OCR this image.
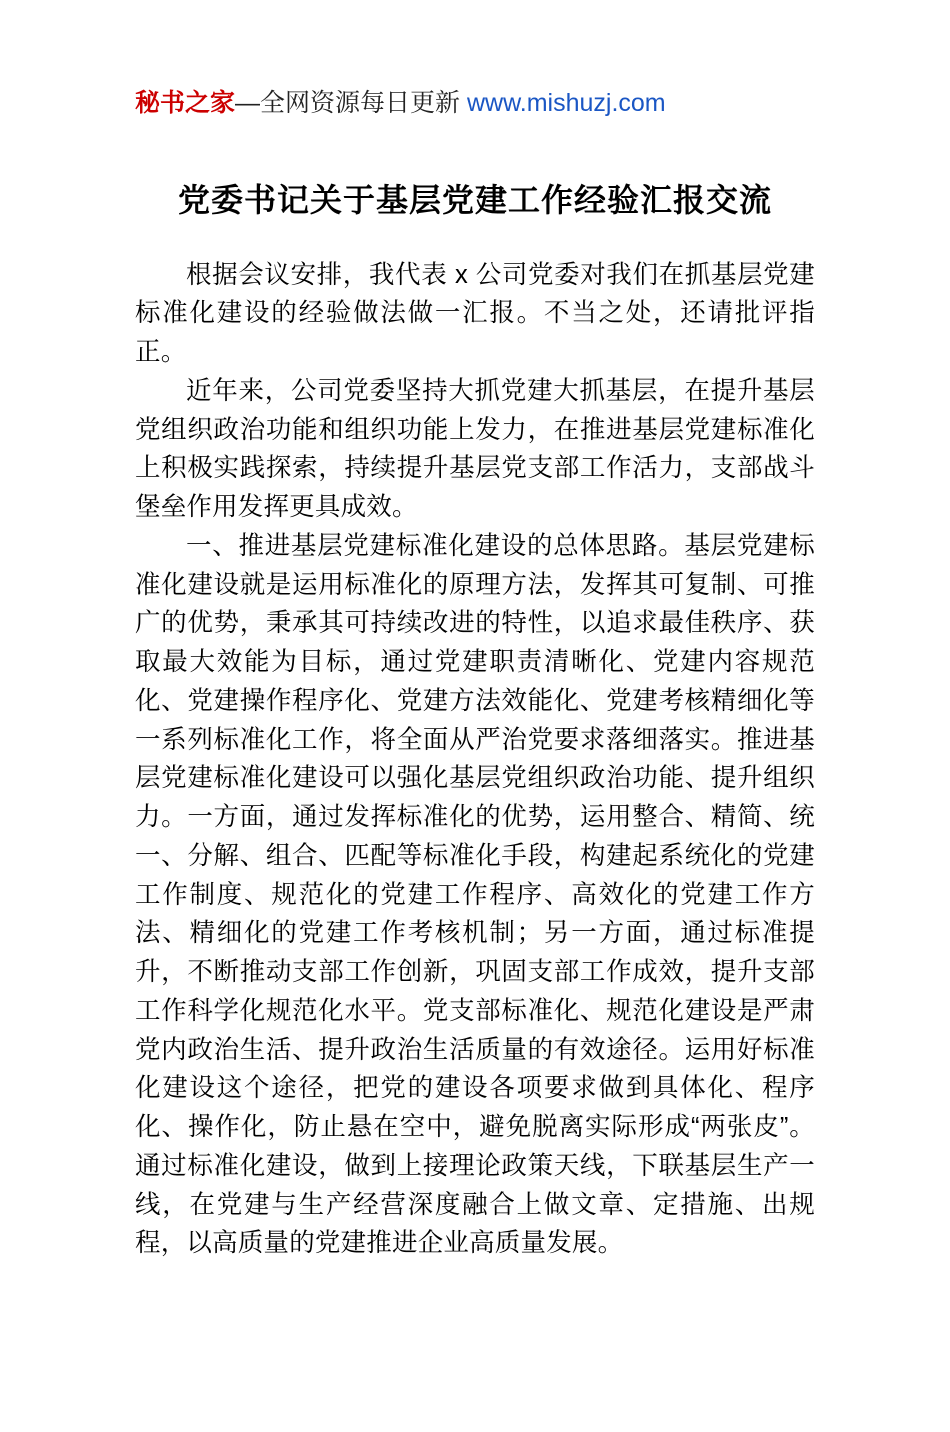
秘书之家—全网资源每日更新 www.mishuzj.com
党委书记关于基层党建工作经验汇报交流

根据会议安排，我代表 x 公司党委对我们在抓基层党建标准化建设的经验做法做一汇报。不当之处，还请批评指正。

近年来，公司党委坚持大抓党建大抓基层，在提升基层党组织政治功能和组织功能上发力，在推进基层党建标准化上积极实践探索，持续提升基层党支部工作活力，支部战斗堡垒作用发挥更具成效。

一、推进基层党建标准化建设的总体思路。基层党建标准化建设就是运用标准化的原理方法，发挥其可复制、可推广的优势，秉承其可持续改进的特性，以追求最佳秩序、获取最大效能为目标，通过党建职责清晰化、党建内容规范化、党建操作程序化、党建方法效能化、党建考核精细化等一系列标准化工作，将全面从严治党要求落细落实。推进基层党建标准化建设可以强化基层党组织政治功能、提升组织力。一方面，通过发挥标准化的优势，运用整合、精简、统一、分解、组合、匹配等标准化手段，构建起系统化的党建工作制度、规范化的党建工作程序、高效化的党建工作方法、精细化的党建工作考核机制；另一方面，通过标准提升，不断推动支部工作创新，巩固支部工作成效，提升支部工作科学化规范化水平。党支部标准化、规范化建设是严肃党内政治生活、提升政治生活质量的有效途径。运用好标准化建设这个途径，把党的建设各项要求做到具体化、程序化、操作化，防止悬在空中，避免脱离实际形成“两张皮”。通过标准化建设，做到上接理论政策天线，下联基层生产一线，在党建与生产经营深度融合上做文章、定措施、出规程，以高质量的党建推进企业高质量发展。
